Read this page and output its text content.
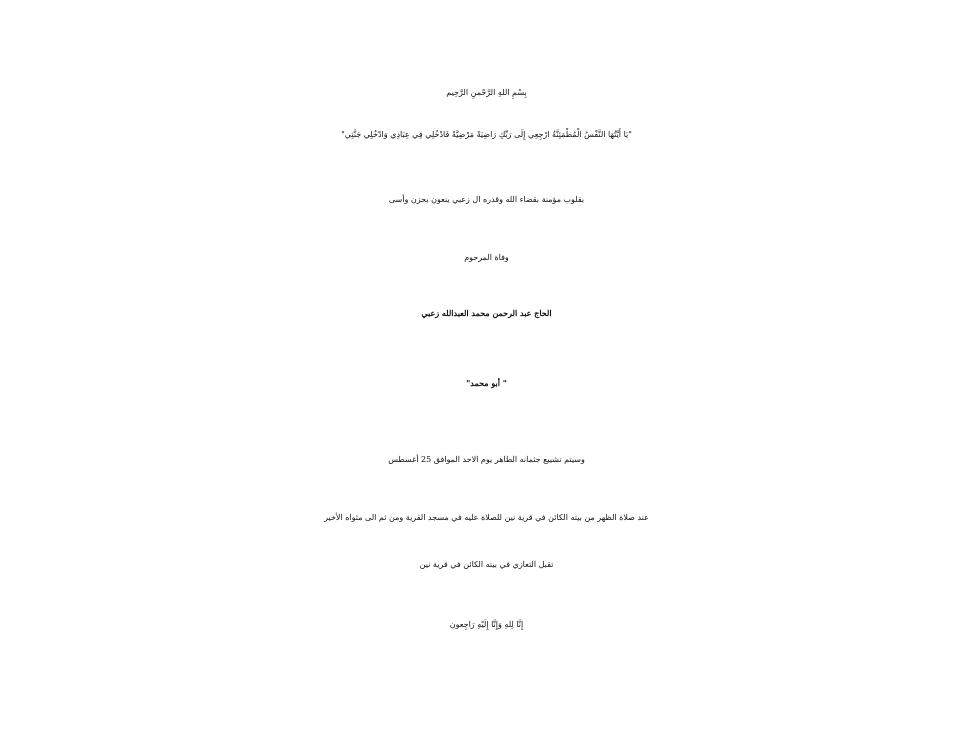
بِسْمِ اللهِ الرَّحْمنِ الرَّحِيم
"يَا أَيَّتُهَا النَّفْسُ الْمُطْمَئِنَّةُ ارْجِعِي إِلَى رَبِّكِ رَاضِيَةً مَرْضِيَّةً فَادْخُلِي فِي عِبَادِي وَادْخُلِي جَنَّتِي"
بقلوب مؤمنة بقضاء الله وقدره ال زعبي ينعون بحزن وأسى
وفاة المرحوم
الحاج عبد الرحمن محمد العبدالله زعبي
" أبو محمد"
وسيتم تشييع جثمانه الطاهر يوم الاحد الموافق 25 أغسطس
عند صلاة الظهر من بيته الكائن في قرية نين للصلاة عليه في مسجد القرية ومن ثم الى مثواه الأخير
تقبل التعازي في بيته الكائن في قرية نين
إِنَّا لِلهِ وَإِنَّا إِلَيْهِ رَاجِعون
